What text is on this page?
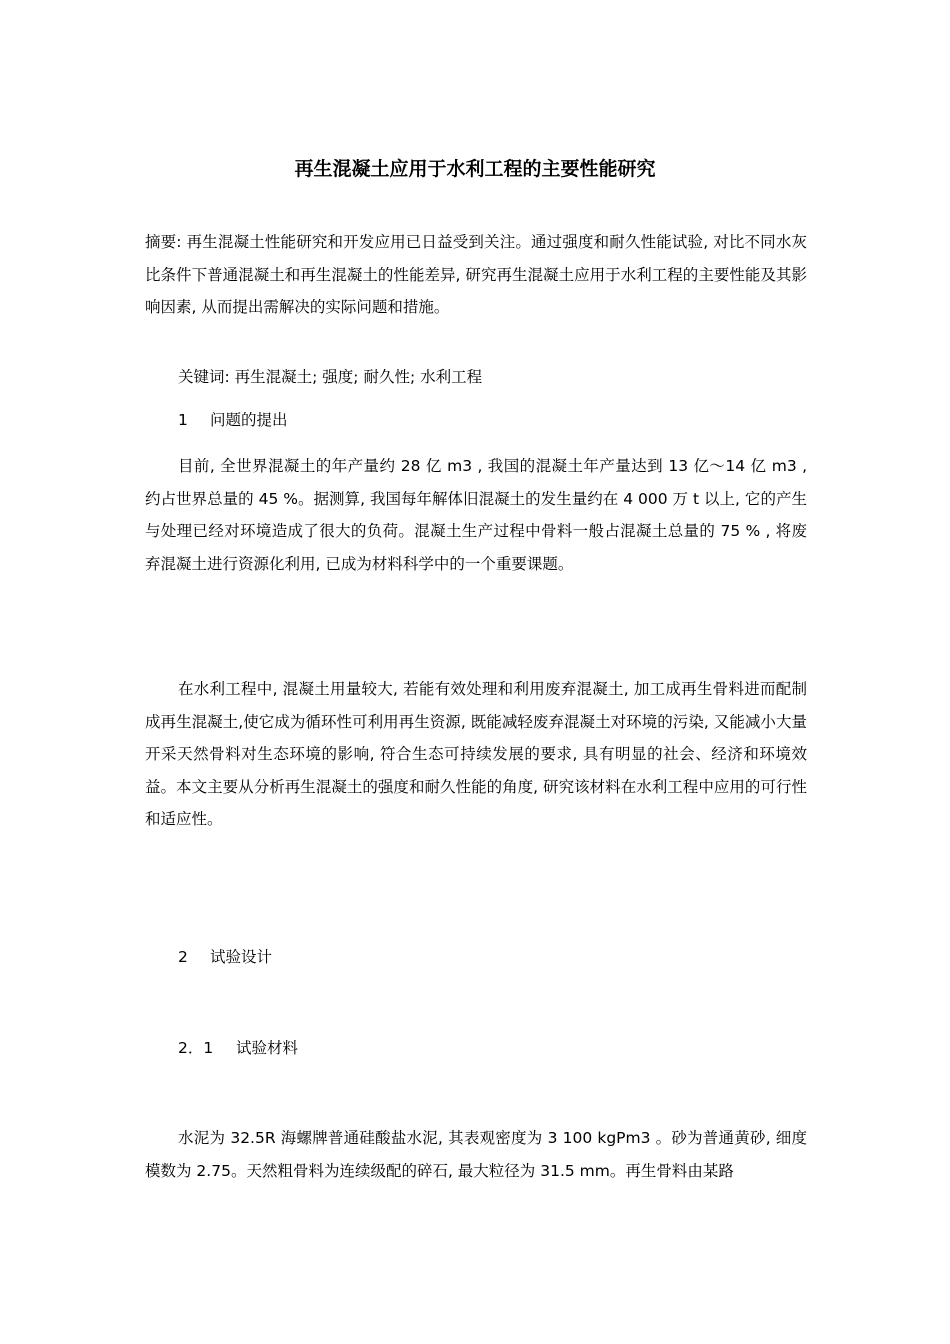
再生混凝土应用于水利工程的主要性能研究
摘要: 再生混凝土性能研究和开发应用已日益受到关注。通过强度和耐久性能试验, 对比不同水灰比条件下普通混凝土和再生混凝土的性能差异, 研究再生混凝土应用于水利工程的主要性能及其影响因素, 从而提出需解决的实际问题和措施。
关键词: 再生混凝土; 强度; 耐久性; 水利工程
1 问题的提出
目前, 全世界混凝土的年产量约 28 亿 m3 , 我国的混凝土年产量达到 13 亿～14 亿 m3 , 约占世界总量的 45 %。据测算, 我国每年解体旧混凝土的发生量约在 4 000 万 t 以上, 它的产生与处理已经对环境造成了很大的负荷。混凝土生产过程中骨料一般占混凝土总量的 75 % , 将废弃混凝土进行资源化利用, 已成为材料科学中的一个重要课题。
在水利工程中, 混凝土用量较大, 若能有效处理和利用废弃混凝土, 加工成再生骨料进而配制成再生混凝土,使它成为循环性可利用再生资源, 既能减轻废弃混凝土对环境的污染, 又能减小大量开采天然骨料对生态环境的影响, 符合生态可持续发展的要求, 具有明显的社会、经济和环境效益。本文主要从分析再生混凝土的强度和耐久性能的角度, 研究该材料在水利工程中应用的可行性和适应性。
2 试验设计
2．1 试验材料
水泥为 32.5R 海螺牌普通硅酸盐水泥, 其表观密度为 3 100 kgPm3 。砂为普通黄砂, 细度模数为 2.75。天然粗骨料为连续级配的碎石, 最大粒径为 31.5 mm。再生骨料由某路
